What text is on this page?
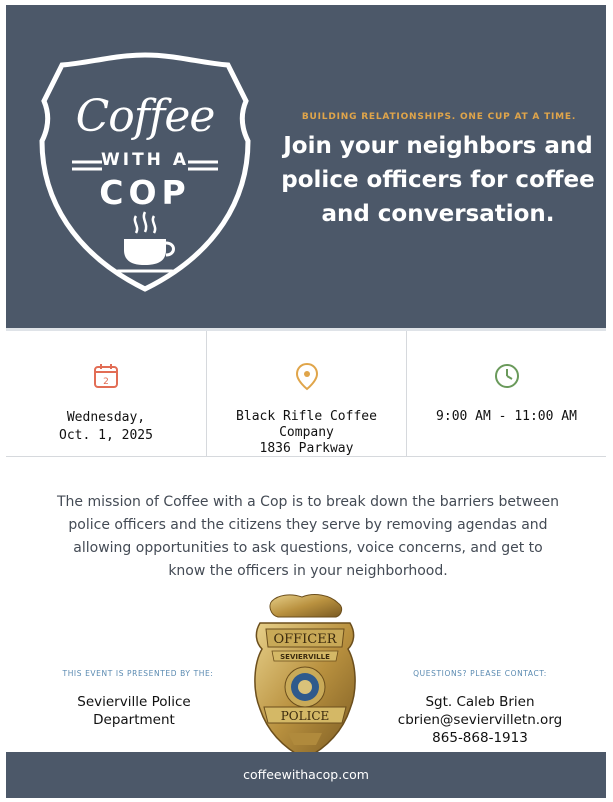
Coffee
WITH A
COP
BUILDING RELATIONSHIPS. ONE CUP AT A TIME.
Join your neighbors and
police officers for coffee
and conversation.
2
Wednesday,
Oct. 1, 2025
Black Rifle Coffee
Company
1836 Parkway
9:00 AM - 11:00 AM
The mission of Coffee with a Cop is to break down the barriers between
police officers and the citizens they serve by removing agendas and
allowing opportunities to ask questions, voice concerns, and get to
know the officers in your neighborhood.
THIS EVENT IS PRESENTED BY THE:
Sevierville Police
Department
OFFICER
SEVIERVILLE
POLICE
QUESTIONS? PLEASE CONTACT:
Sgt. Caleb Brien
cbrien@seviervilletn.org
865-868-1913
coffeewithacop.com
